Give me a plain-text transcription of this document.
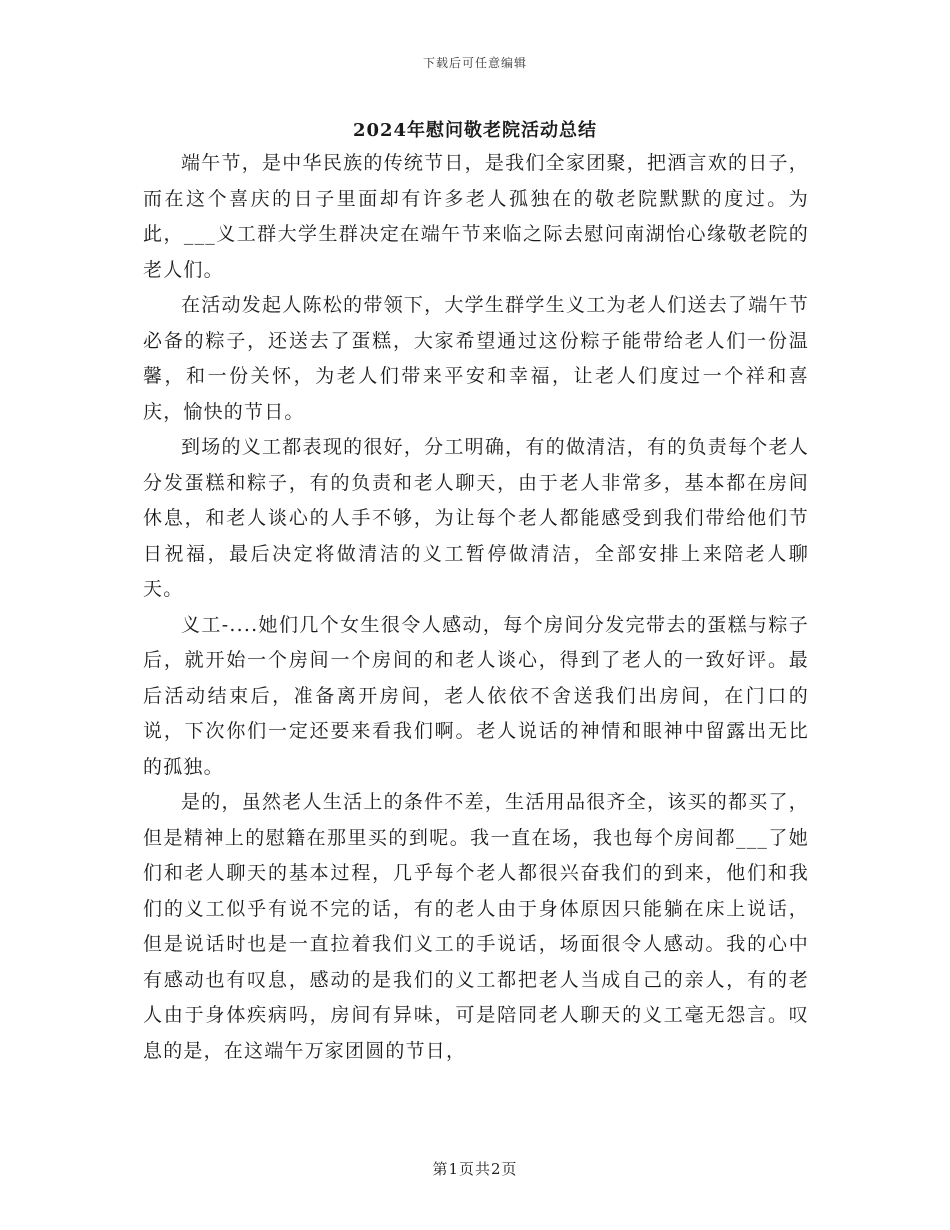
下载后可任意编辑
2024年慰问敬老院活动总结

端午节，是中华民族的传统节日，是我们全家团聚，把酒言欢的日子，而在这个喜庆的日子里面却有许多老人孤独在的敬老院默默的度过。为此，___义工群大学生群决定在端午节来临之际去慰问南湖怡心缘敬老院的老人们。

在活动发起人陈松的带领下，大学生群学生义工为老人们送去了端午节必备的粽子，还送去了蛋糕，大家希望通过这份粽子能带给老人们一份温馨，和一份关怀，为老人们带来平安和幸福，让老人们度过一个祥和喜庆，愉快的节日。

到场的义工都表现的很好，分工明确，有的做清洁，有的负责每个老人分发蛋糕和粽子，有的负责和老人聊天，由于老人非常多，基本都在房间休息，和老人谈心的人手不够，为让每个老人都能感受到我们带给他们节日祝福，最后决定将做清洁的义工暂停做清洁，全部安排上来陪老人聊天。

义工-....她们几个女生很令人感动，每个房间分发完带去的蛋糕与粽子后，就开始一个房间一个房间的和老人谈心，得到了老人的一致好评。最后活动结束后，准备离开房间，老人依依不舍送我们出房间，在门口的说，下次你们一定还要来看我们啊。老人说话的神情和眼神中留露出无比的孤独。

是的，虽然老人生活上的条件不差，生活用品很齐全，该买的都买了，但是精神上的慰籍在那里买的到呢。我一直在场，我也每个房间都___了她们和老人聊天的基本过程，几乎每个老人都很兴奋我们的到来，他们和我们的义工似乎有说不完的话，有的老人由于身体原因只能躺在床上说话，但是说话时也是一直拉着我们义工的手说话，场面很令人感动。我的心中有感动也有叹息，感动的是我们的义工都把老人当成自己的亲人，有的老人由于身体疾病吗，房间有异味，可是陪同老人聊天的义工毫无怨言。叹息的是，在这端午万家团圆的节日，

第1页共2页
